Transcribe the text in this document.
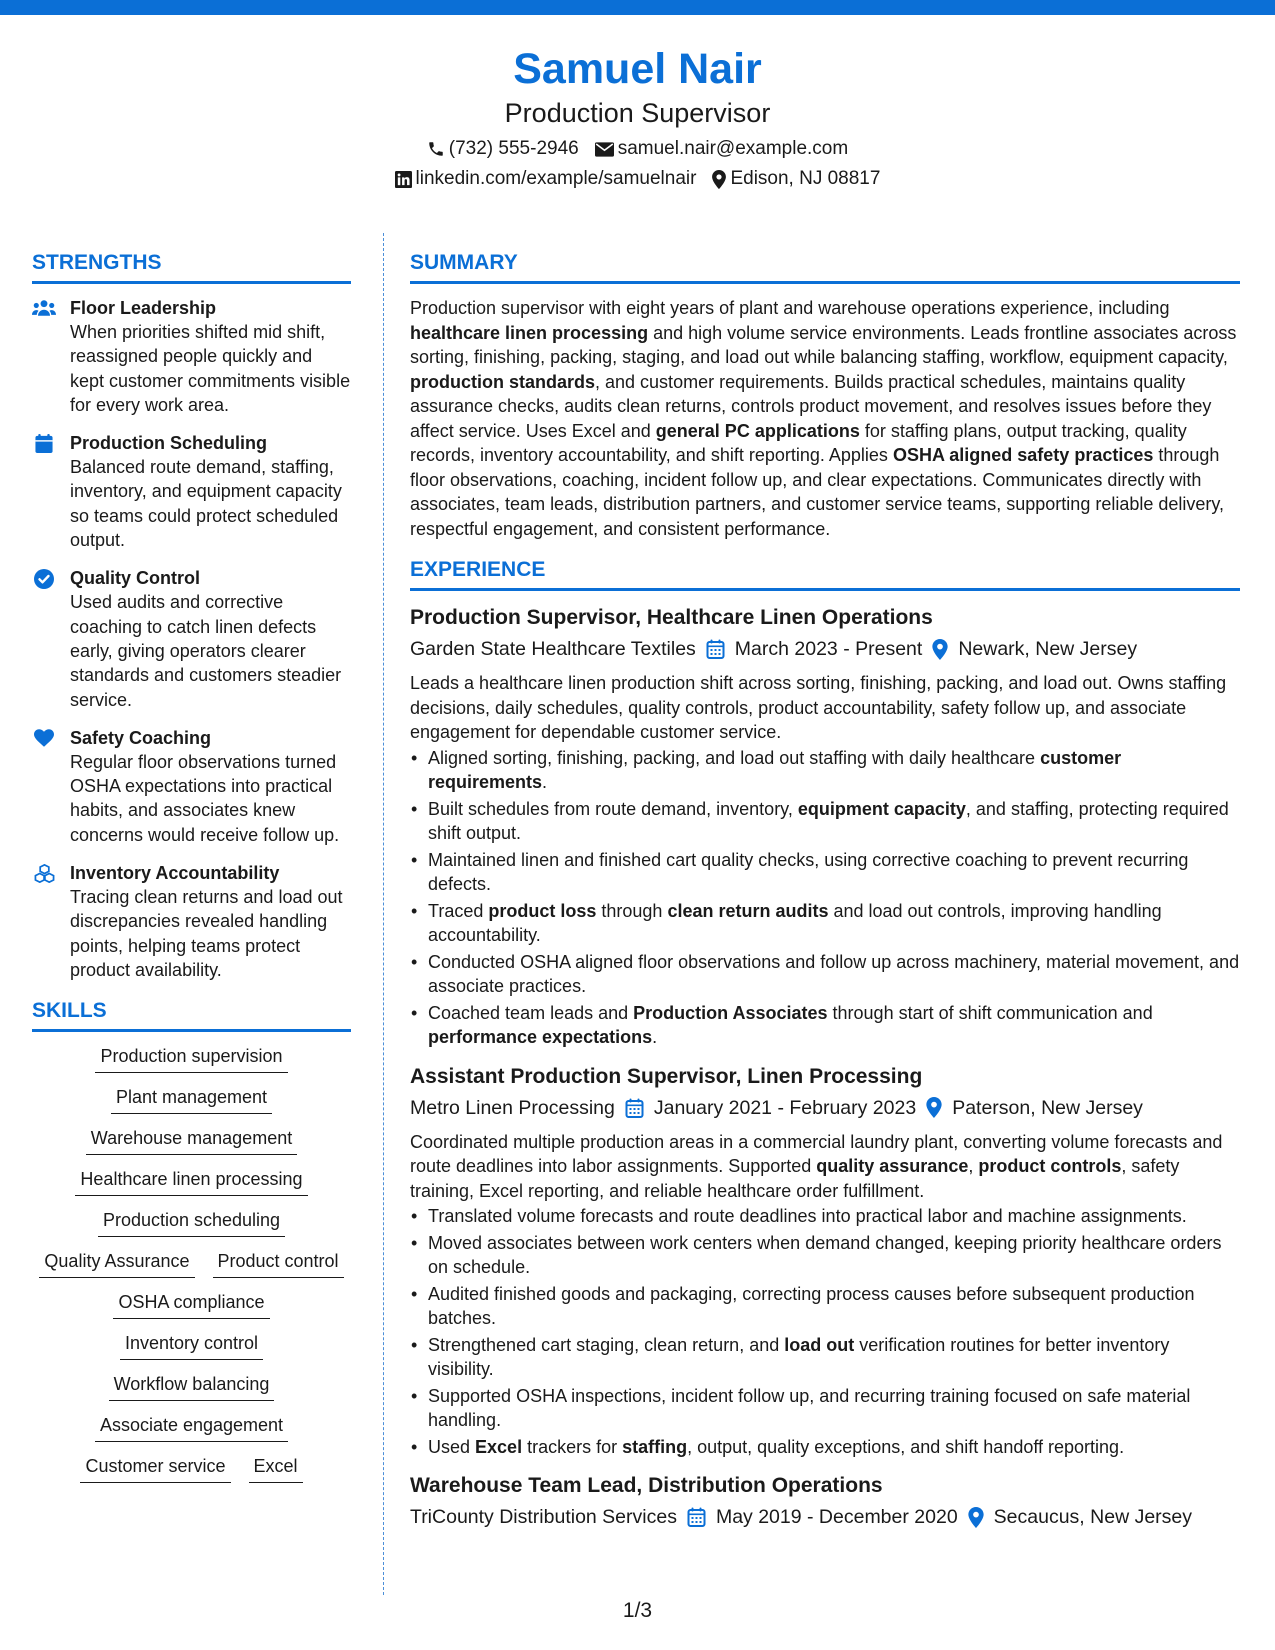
Samuel Nair
Production Supervisor
(732) 555-2946 samuel.nair@example.com
linkedin.com/example/samuelnair Edison, NJ 08817
STRENGTHS
Floor Leadership
When priorities shifted mid shift, reassigned people quickly and kept customer commitments visible for every work area.
Production Scheduling
Balanced route demand, staffing, inventory, and equipment capacity so teams could protect scheduled output.
Quality Control
Used audits and corrective coaching to catch linen defects early, giving operators clearer standards and customers steadier service.
Safety Coaching
Regular floor observations turned OSHA expectations into practical habits, and associates knew concerns would receive follow up.
Inventory Accountability
Tracing clean returns and load out discrepancies revealed handling points, helping teams protect product availability.
SKILLS
Production supervision
Plant management
Warehouse management
Healthcare linen processing
Production scheduling
Quality Assurance Product control
OSHA compliance
Inventory control
Workflow balancing
Associate engagement
Customer service Excel
SUMMARY

Production supervisor with eight years of plant and warehouse operations experience, including healthcare linen processing and high volume service environments. Leads frontline associates across sorting, finishing, packing, staging, and load out while balancing staffing, workflow, equipment capacity, production standards, and customer requirements. Builds practical schedules, maintains quality assurance checks, audits clean returns, controls product movement, and resolves issues before they affect service. Uses Excel and general PC applications for staffing plans, output tracking, quality records, inventory accountability, and shift reporting. Applies OSHA aligned safety practices through floor observations, coaching, incident follow up, and clear expectations. Communicates directly with associates, team leads, distribution partners, and customer service teams, supporting reliable delivery, respectful engagement, and consistent performance.

EXPERIENCE
Production Supervisor, Healthcare Linen Operations
Garden State Healthcare Textiles March 2023 - Present Newark, New Jersey

Leads a healthcare linen production shift across sorting, finishing, packing, and load out. Owns staffing decisions, daily schedules, quality controls, product accountability, safety follow up, and associate engagement for dependable customer service.

• Aligned sorting, finishing, packing, and load out staffing with daily healthcare customer requirements.
• Built schedules from route demand, inventory, equipment capacity, and staffing, protecting required shift output.
• Maintained linen and finished cart quality checks, using corrective coaching to prevent recurring defects.
• Traced product loss through clean return audits and load out controls, improving handling accountability.
• Conducted OSHA aligned floor observations and follow up across machinery, material movement, and associate practices.
• Coached team leads and Production Associates through start of shift communication and performance expectations.
Assistant Production Supervisor, Linen Processing
Metro Linen Processing January 2021 - February 2023 Paterson, New Jersey

Coordinated multiple production areas in a commercial laundry plant, converting volume forecasts and route deadlines into labor assignments. Supported quality assurance, product controls, safety training, Excel reporting, and reliable healthcare order fulfillment.

• Translated volume forecasts and route deadlines into practical labor and machine assignments.
• Moved associates between work centers when demand changed, keeping priority healthcare orders on schedule.
• Audited finished goods and packaging, correcting process causes before subsequent production batches.
• Strengthened cart staging, clean return, and load out verification routines for better inventory visibility.
• Supported OSHA inspections, incident follow up, and recurring training focused on safe material handling.
• Used Excel trackers for staffing, output, quality exceptions, and shift handoff reporting.
Warehouse Team Lead, Distribution Operations
TriCounty Distribution Services May 2019 - December 2020 Secaucus, New Jersey
1/3
